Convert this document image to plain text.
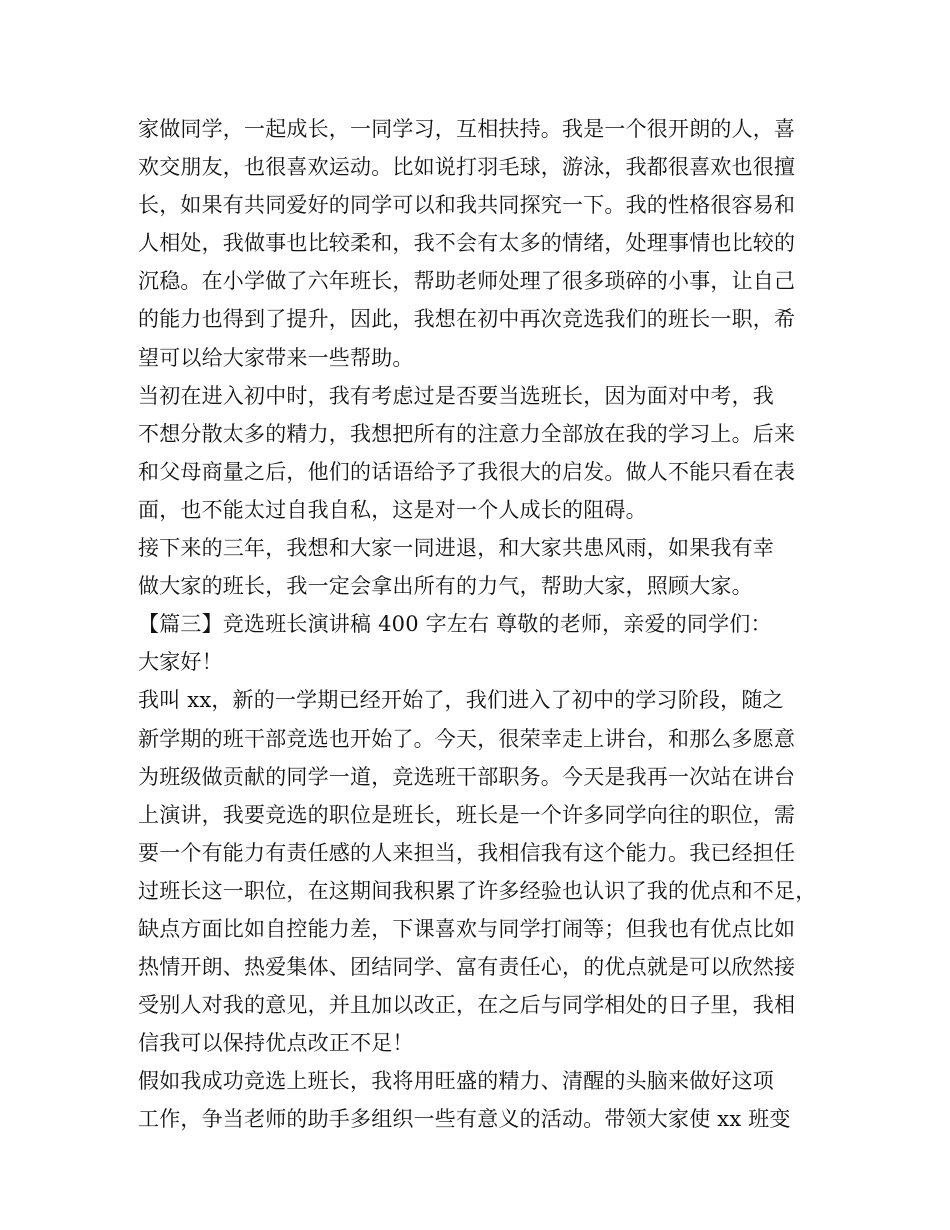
家做同学，一起成长，一同学习，互相扶持。我是一个很开朗的人，喜
欢交朋友，也很喜欢运动。比如说打羽毛球，游泳，我都很喜欢也很擅
长，如果有共同爱好的同学可以和我共同探究一下。我的性格很容易和
人相处，我做事也比较柔和，我不会有太多的情绪，处理事情也比较的
沉稳。在小学做了六年班长，帮助老师处理了很多琐碎的小事，让自己
的能力也得到了提升，因此，我想在初中再次竞选我们的班长一职，希
望可以给大家带来一些帮助。
当初在进入初中时，我有考虑过是否要当选班长，因为面对中考，我
不想分散太多的精力，我想把所有的注意力全部放在我的学习上。后来
和父母商量之后，他们的话语给予了我很大的启发。做人不能只看在表
面，也不能太过自我自私，这是对一个人成长的阻碍。
接下来的三年，我想和大家一同进退，和大家共患风雨，如果我有幸
做大家的班长，我一定会拿出所有的力气，帮助大家，照顾大家。
【篇三】竞选班长演讲稿 400 字左右 尊敬的老师，亲爱的同学们：
大家好！
我叫 xx，新的一学期已经开始了，我们进入了初中的学习阶段，随之
新学期的班干部竞选也开始了。今天，很荣幸走上讲台，和那么多愿意
为班级做贡献的同学一道，竞选班干部职务。今天是我再一次站在讲台
上演讲，我要竞选的职位是班长，班长是一个许多同学向往的职位，需
要一个有能力有责任感的人来担当，我相信我有这个能力。我已经担任
过班长这一职位，在这期间我积累了许多经验也认识了我的优点和不足，
缺点方面比如自控能力差，下课喜欢与同学打闹等；但我也有优点比如
热情开朗、热爱集体、团结同学、富有责任心，的优点就是可以欣然接
受别人对我的意见，并且加以改正，在之后与同学相处的日子里，我相
信我可以保持优点改正不足！
假如我成功竞选上班长，我将用旺盛的精力、清醒的头脑来做好这项
工作，争当老师的助手多组织一些有意义的活动。带领大家使 xx 班变
